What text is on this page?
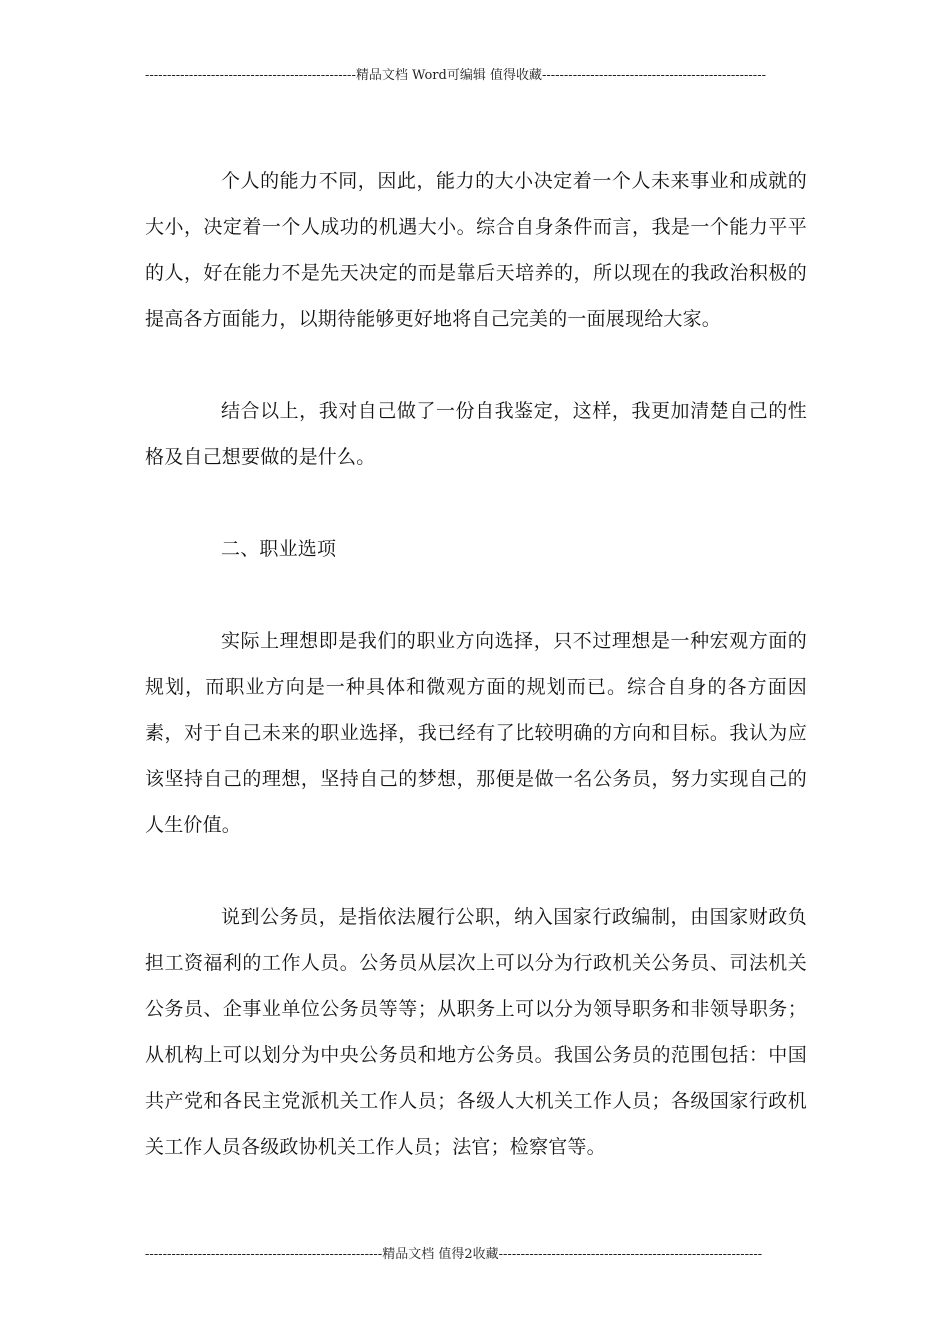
------------------------------------------------精品文档 Word可编辑 值得收藏---------------------------------------------------

个人的能力不同，因此，能力的大小决定着一个人未来事业和成就的大小，决定着一个人成功的机遇大小。综合自身条件而言，我是一个能力平平的人，好在能力不是先天决定的而是靠后天培养的，所以现在的我政治积极的提高各方面能力，以期待能够更好地将自己完美的一面展现给大家。

结合以上，我对自己做了一份自我鉴定，这样，我更加清楚自己的性格及自己想要做的是什么。

二、职业选项

实际上理想即是我们的职业方向选择，只不过理想是一种宏观方面的规划，而职业方向是一种具体和微观方面的规划而已。综合自身的各方面因素，对于自己未来的职业选择，我已经有了比较明确的方向和目标。我认为应该坚持自己的理想，坚持自己的梦想，那便是做一名公务员，努力实现自己的人生价值。

说到公务员，是指依法履行公职，纳入国家行政编制，由国家财政负担工资福利的工作人员。公务员从层次上可以分为行政机关公务员、司法机关公务员、企事业单位公务员等等；从职务上可以分为领导职务和非领导职务；从机构上可以划分为中央公务员和地方公务员。我国公务员的范围包括：中国共产党和各民主党派机关工作人员；各级人大机关工作人员；各级国家行政机关工作人员各级政协机关工作人员；法官；检察官等。

------------------------------------------------------精品文档 值得2收藏------------------------------------------------------------
